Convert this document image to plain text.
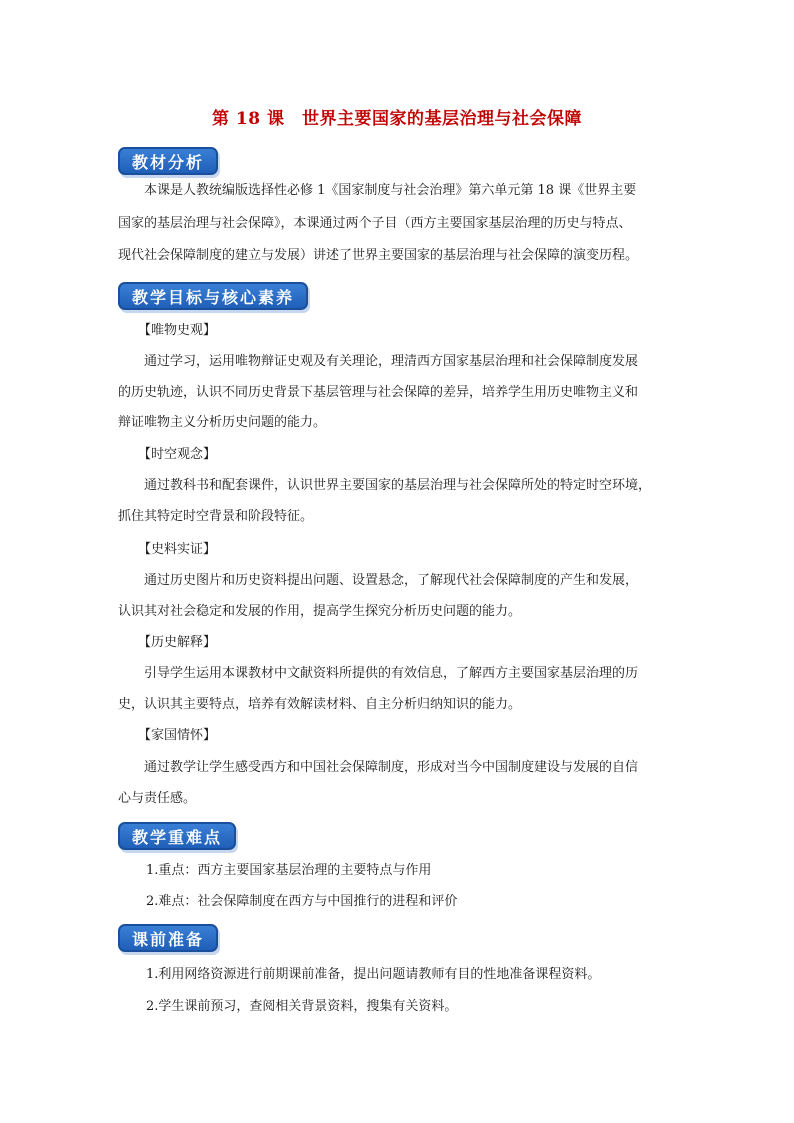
第 18 课　世界主要国家的基层治理与社会保障
教材分析
本课是人教统编版选择性必修 1《国家制度与社会治理》第六单元第 18 课《世界主要
国家的基层治理与社会保障》，本课通过两个子目（西方主要国家基层治理的历史与特点、
现代社会保障制度的建立与发展）讲述了世界主要国家的基层治理与社会保障的演变历程。
教学目标与核心素养
【唯物史观】
通过学习，运用唯物辩证史观及有关理论，理清西方国家基层治理和社会保障制度发展
的历史轨迹，认识不同历史背景下基层管理与社会保障的差异，培养学生用历史唯物主义和
辩证唯物主义分析历史问题的能力。
【时空观念】
通过教科书和配套课件，认识世界主要国家的基层治理与社会保障所处的特定时空环境，
抓住其特定时空背景和阶段特征。
【史料实证】
通过历史图片和历史资料提出问题、设置悬念，了解现代社会保障制度的产生和发展，
认识其对社会稳定和发展的作用，提高学生探究分析历史问题的能力。
【历史解释】
引导学生运用本课教材中文献资料所提供的有效信息，了解西方主要国家基层治理的历
史，认识其主要特点，培养有效解读材料、自主分析归纳知识的能力。
【家国情怀】
通过教学让学生感受西方和中国社会保障制度，形成对当今中国制度建设与发展的自信
心与责任感。
教学重难点
1.重点：西方主要国家基层治理的主要特点与作用
2.难点：社会保障制度在西方与中国推行的进程和评价
课前准备
1.利用网络资源进行前期课前准备，提出问题请教师有目的性地准备课程资料。
2.学生课前预习，查阅相关背景资料，搜集有关资料。
